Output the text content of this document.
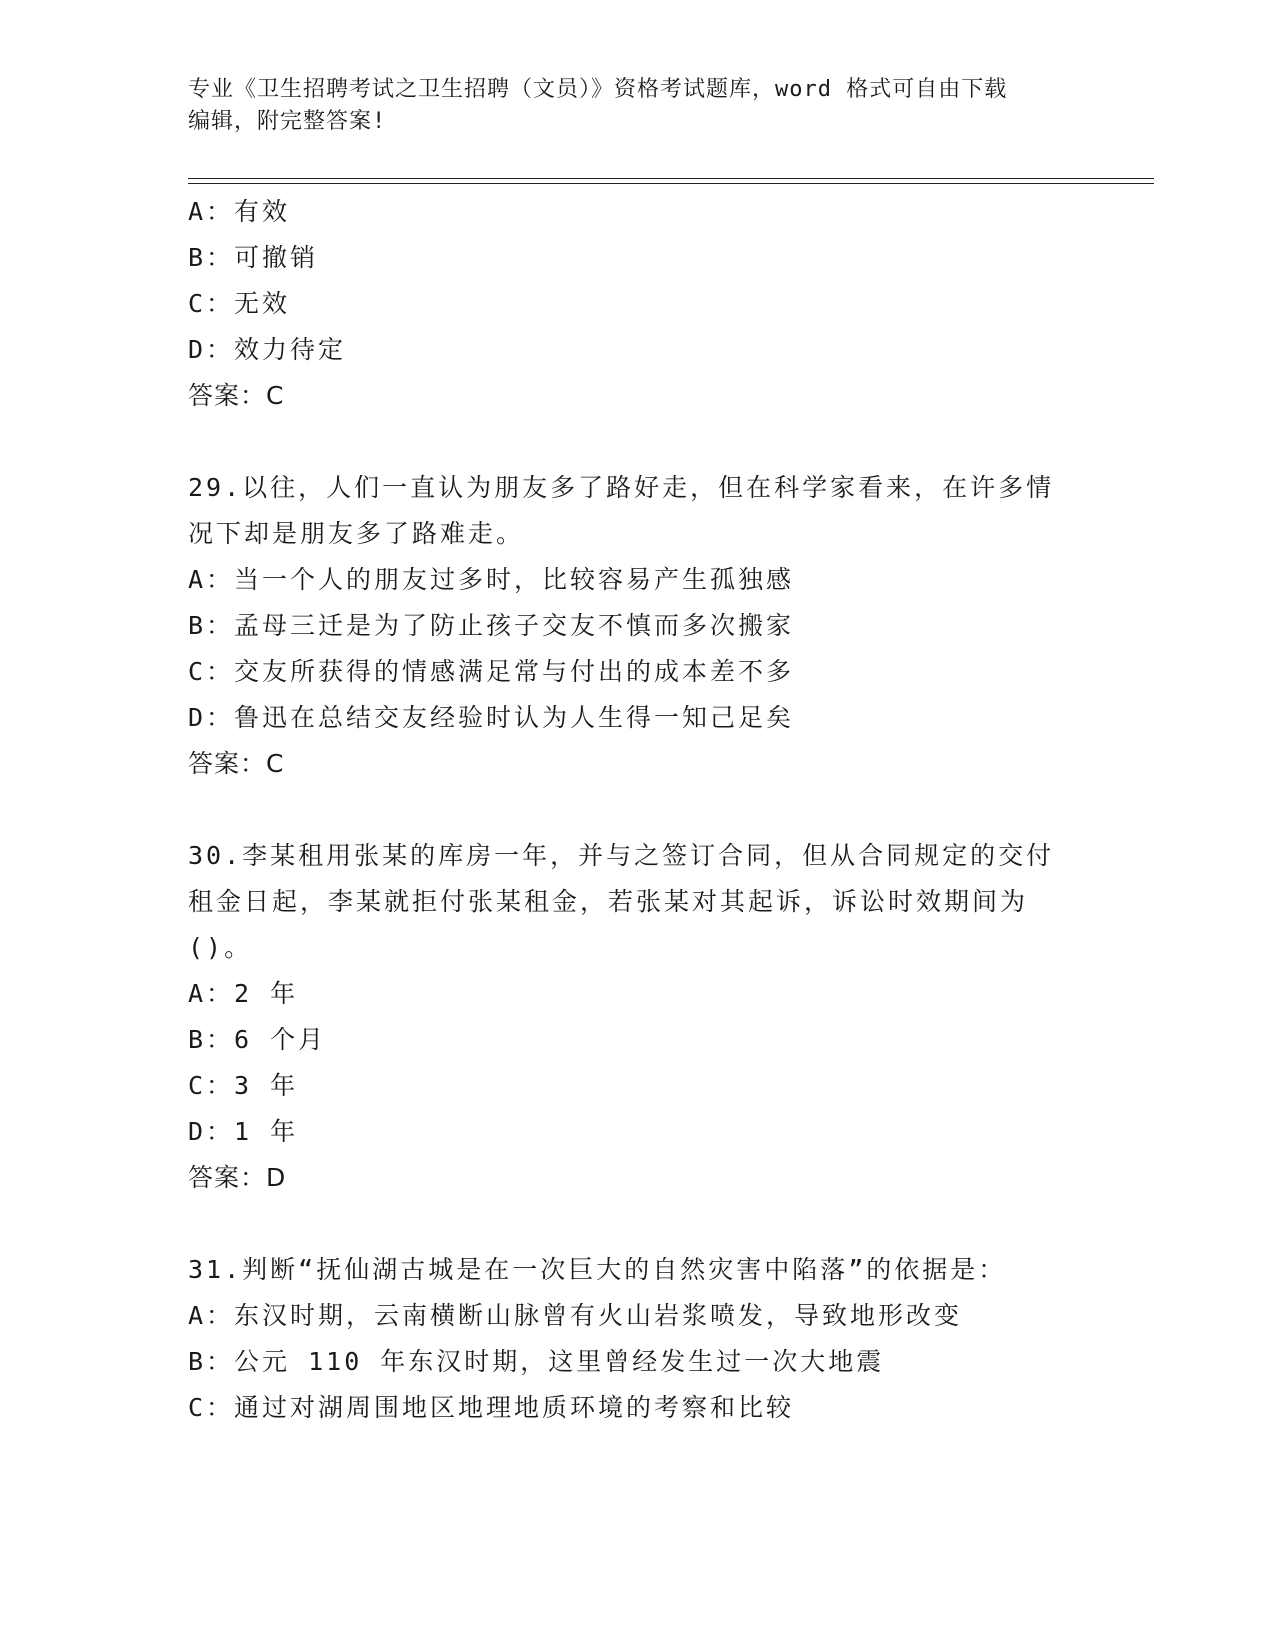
专业《卫生招聘考试之卫生招聘（文员）》资格考试题库，word 格式可自由下载
编辑，附完整答案!
A：有效
B：可撤销
C：无效
D：效力待定
答案：C
29.以往，人们一直认为朋友多了路好走，但在科学家看来，在许多情
况下却是朋友多了路难走。
A：当一个人的朋友过多时，比较容易产生孤独感
B：孟母三迁是为了防止孩子交友不慎而多次搬家
C：交友所获得的情感满足常与付出的成本差不多
D：鲁迅在总结交友经验时认为人生得一知己足矣
答案：C
30.李某租用张某的库房一年，并与之签订合同，但从合同规定的交付
租金日起，李某就拒付张某租金，若张某对其起诉，诉讼时效期间为
()。
A：2 年
B：6 个月
C：3 年
D：1 年
答案：D
31.判断“抚仙湖古城是在一次巨大的自然灾害中陷落”的依据是：
A：东汉时期，云南横断山脉曾有火山岩浆喷发，导致地形改变
B：公元 110 年东汉时期，这里曾经发生过一次大地震
C：通过对湖周围地区地理地质环境的考察和比较
